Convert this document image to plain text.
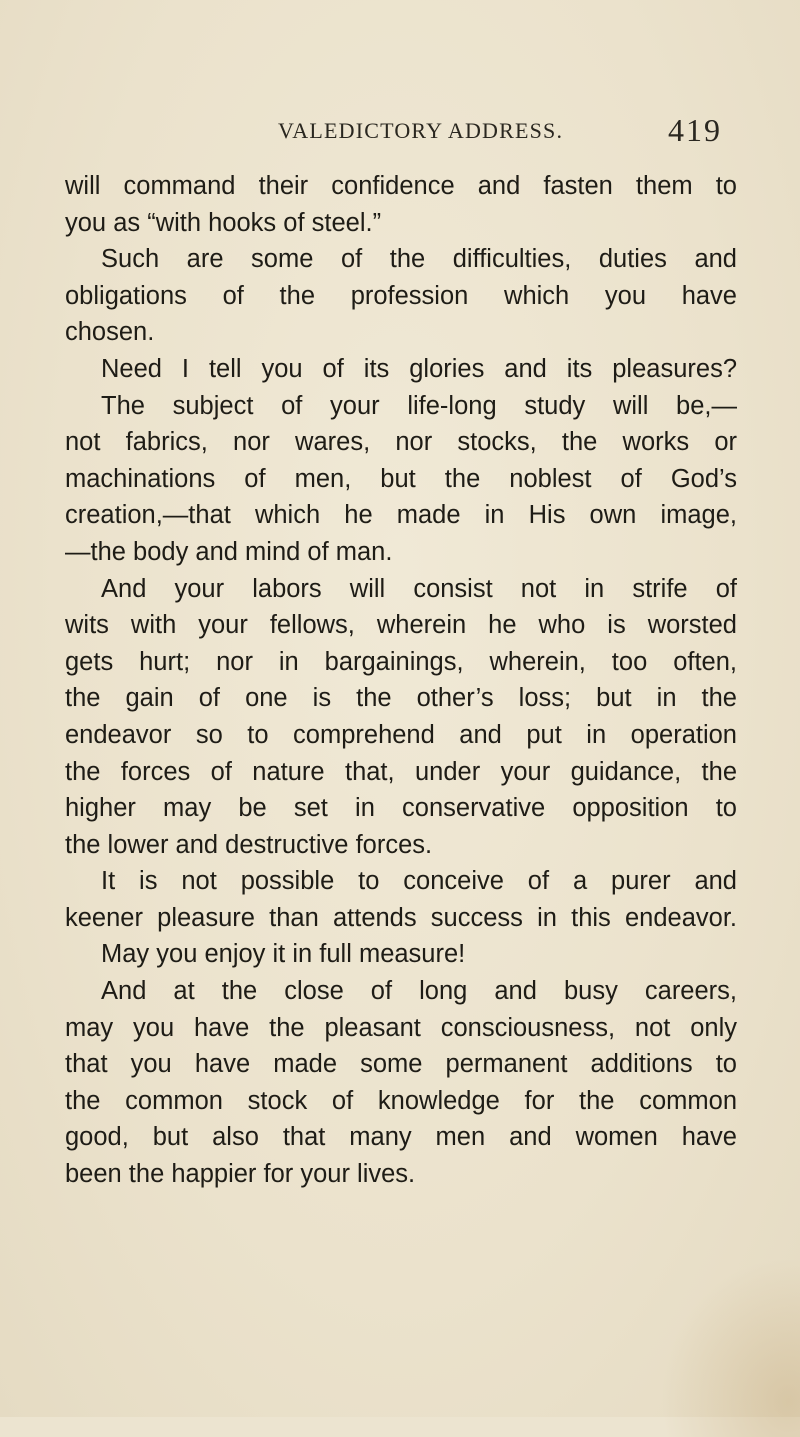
VALEDICTORY ADDRESS.	419
will command their confidence and fasten them to
you as “with hooks of steel.”
Such are some of the difficulties, duties and
obligations of the profession which you have
chosen.
Need I tell you of its glories and its pleasures?
The subject of your life-long study will be,—
not fabrics, nor wares, nor stocks, the works or
machinations of men, but the noblest of God’s
creation,—that which he made in His own image,
—the body and mind of man.
And your labors will consist not in strife of
wits with your fellows, wherein he who is worsted
gets hurt; nor in bargainings, wherein, too often,
the gain of one is the other’s loss; but in the
endeavor so to comprehend and put in operation
the forces of nature that, under your guidance, the
higher may be set in conservative opposition to
the lower and destructive forces.
It is not possible to conceive of a purer and
keener pleasure than attends success in this endeavor.
May you enjoy it in full measure!
And at the close of long and busy careers,
may you have the pleasant consciousness, not only
that you have made some permanent additions to
the common stock of knowledge for the common
good, but also that many men and women have
been the happier for your lives.
